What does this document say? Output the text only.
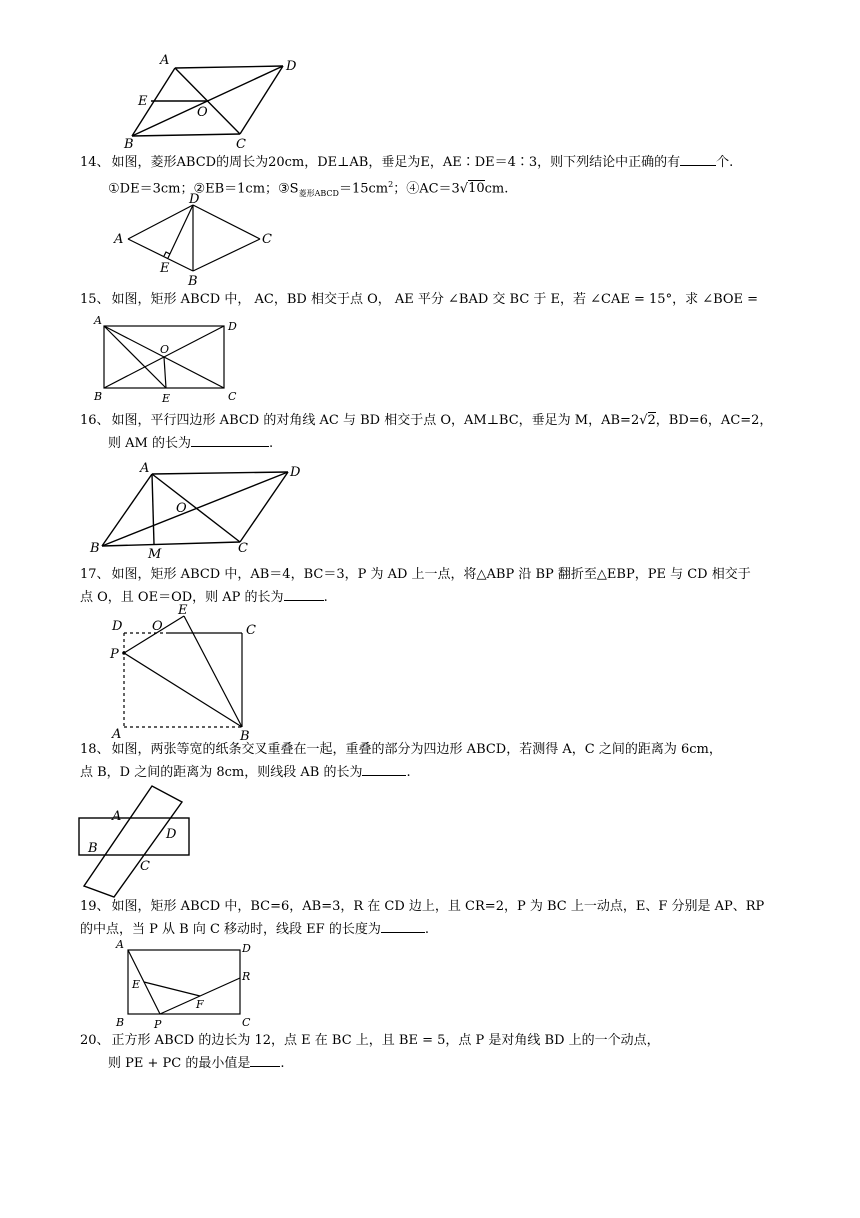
A	D
E
O
B	C
14、 如图，菱形ABCD的周长为20cm，DE⊥AB，垂足为E，AE∶DE＝4∶3，则下列结论中正确的有	个.
①DE＝3cm；②EB＝1cm；$③S_{菱形ABCD}=15cm^2$；④AC＝3√10cm.
A
D
C
E
B
15、 如图，矩形 ABCD 中， AC，BD 相交于点 O， AE 平分 ∠BAD 交 BC 于 E，若 ∠CAE = 15°，求 ∠BOE =
A	D
O
B	C
E
16、 如图，平行四边形 ABCD 的对角线 AC 与 BD 相交于点 O，AM⊥BC，垂足为 M，AB=2√2，BD=6，AC=2，
则 AM 的长为	.
A	D
O
B	M	C
17、 如图，矩形 ABCD 中，AB＝4，BC＝3，P 为 AD 上一点，将△ABP 沿 BP 翻折至△EBP，PE 与 CD 相交于
点 O，且 OE＝OD，则 AP 的长为	.
D O
E
C
P
A	B
18、 如图，两张等宽的纸条交叉重叠在一起，重叠的部分为四边形 ABCD，若测得 A，C 之间的距离为 6cm，
点 B，D 之间的距离为 8cm，则线段 AB 的长为	.
A
D
B
C
19、 如图，矩形 ABCD 中，BC=6，AB=3，R 在 CD 边上，且 CR=2，P 为 BC 上一动点，E、F 分别是 AP、RP
的中点，当 P 从 B 向 C 移动时，线段 EF 的长度为	.
A	D
R
E
F
B	P	C
20、 正方形 ABCD 的边长为 12，点 E 在 BC 上，且 BE = 5，点 P 是对角线 BD 上的一个动点，
则 PE + PC 的最小值是 .
